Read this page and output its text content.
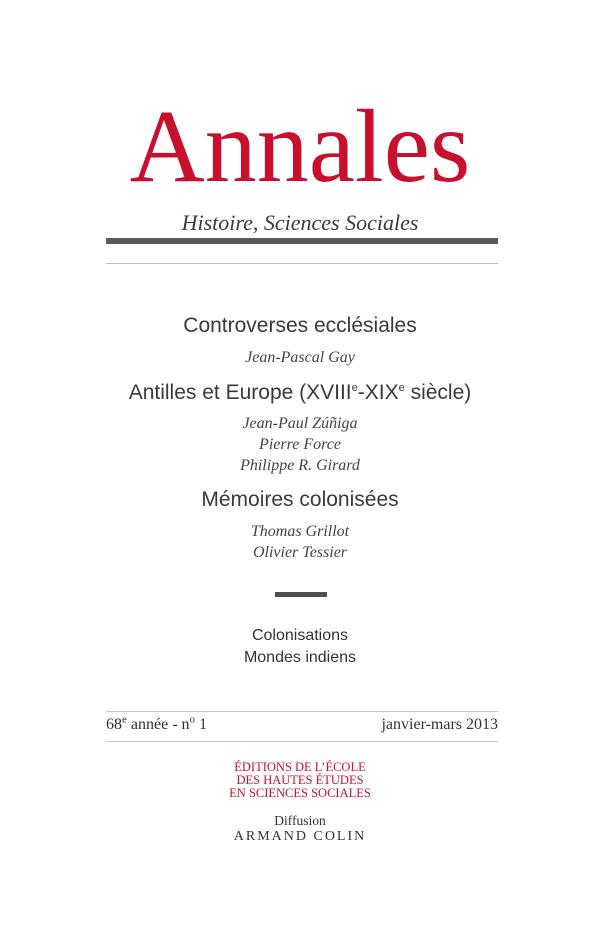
Annales
Histoire, Sciences Sociales
Controverses ecclésiales
Jean-Pascal Gay
Antilles et Europe (XVIIIe-XIXe siècle)
Jean-Paul Zúñiga
Pierre Force
Philippe R. Girard
Mémoires colonisées
Thomas Grillot
Olivier Tessier
Colonisations
Mondes indiens
68e année - $n^o$ 1	janvier-mars 2013
ÉDITIONS DE L’ÉCOLE
DES HAUTES ÉTUDES
EN SCIENCES SOCIALES
Diffusion
ARMAND COLIN
